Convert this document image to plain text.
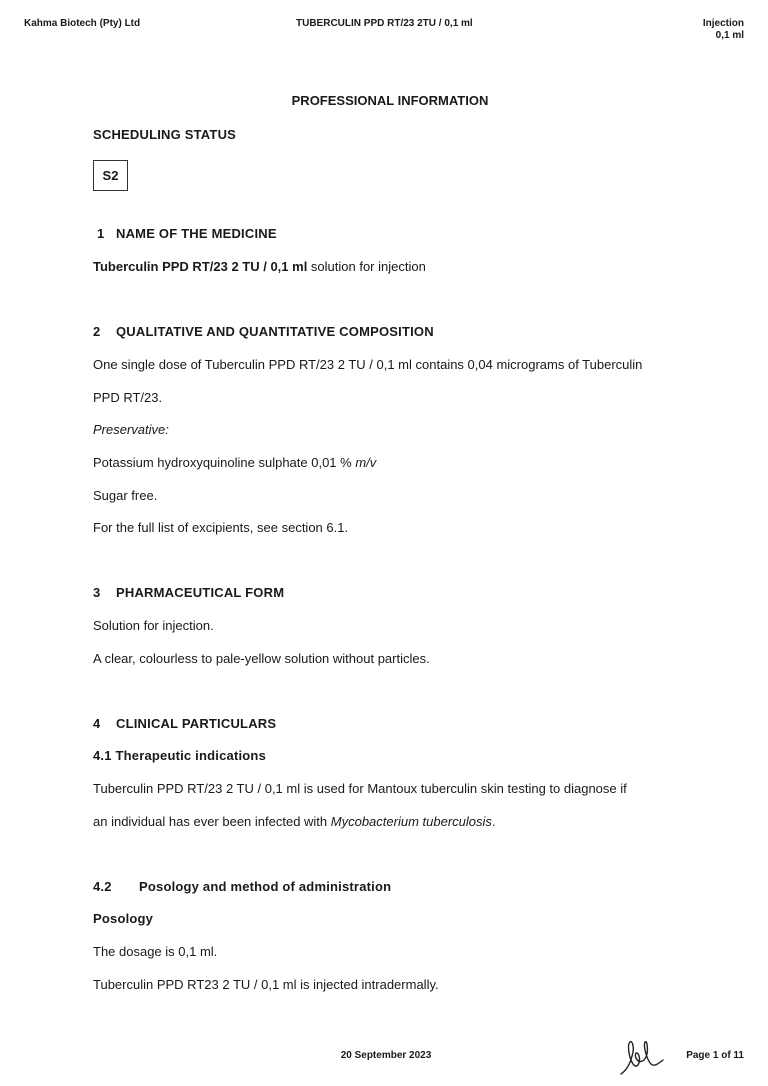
Kahma Biotech (Pty) Ltd	TUBERCULIN PPD RT/23 2TU / 0,1 ml	Injection
0,1 ml
PROFESSIONAL INFORMATION
SCHEDULING STATUS
S2
1 NAME OF THE MEDICINE
Tuberculin PPD RT/23 2 TU / 0,1 ml solution for injection
2 QUALITATIVE AND QUANTITATIVE COMPOSITION
One single dose of Tuberculin PPD RT/23 2 TU / 0,1 ml contains 0,04 micrograms of Tuberculin
PPD RT/23.
Preservative:
Potassium hydroxyquinoline sulphate 0,01 % m/v
Sugar free.
For the full list of excipients, see section 6.1.
3 PHARMACEUTICAL FORM
Solution for injection.
A clear, colourless to pale-yellow solution without particles.
4 CLINICAL PARTICULARS
4.1 Therapeutic indications
Tuberculin PPD RT/23 2 TU / 0,1 ml is used for Mantoux tuberculin skin testing to diagnose if
an individual has ever been infected with Mycobacterium tuberculosis.
4.2 Posology and method of administration
Posology
The dosage is 0,1 ml.
Tuberculin PPD RT23 2 TU / 0,1 ml is injected intradermally.
20 September 2023	Page 1 of 11
